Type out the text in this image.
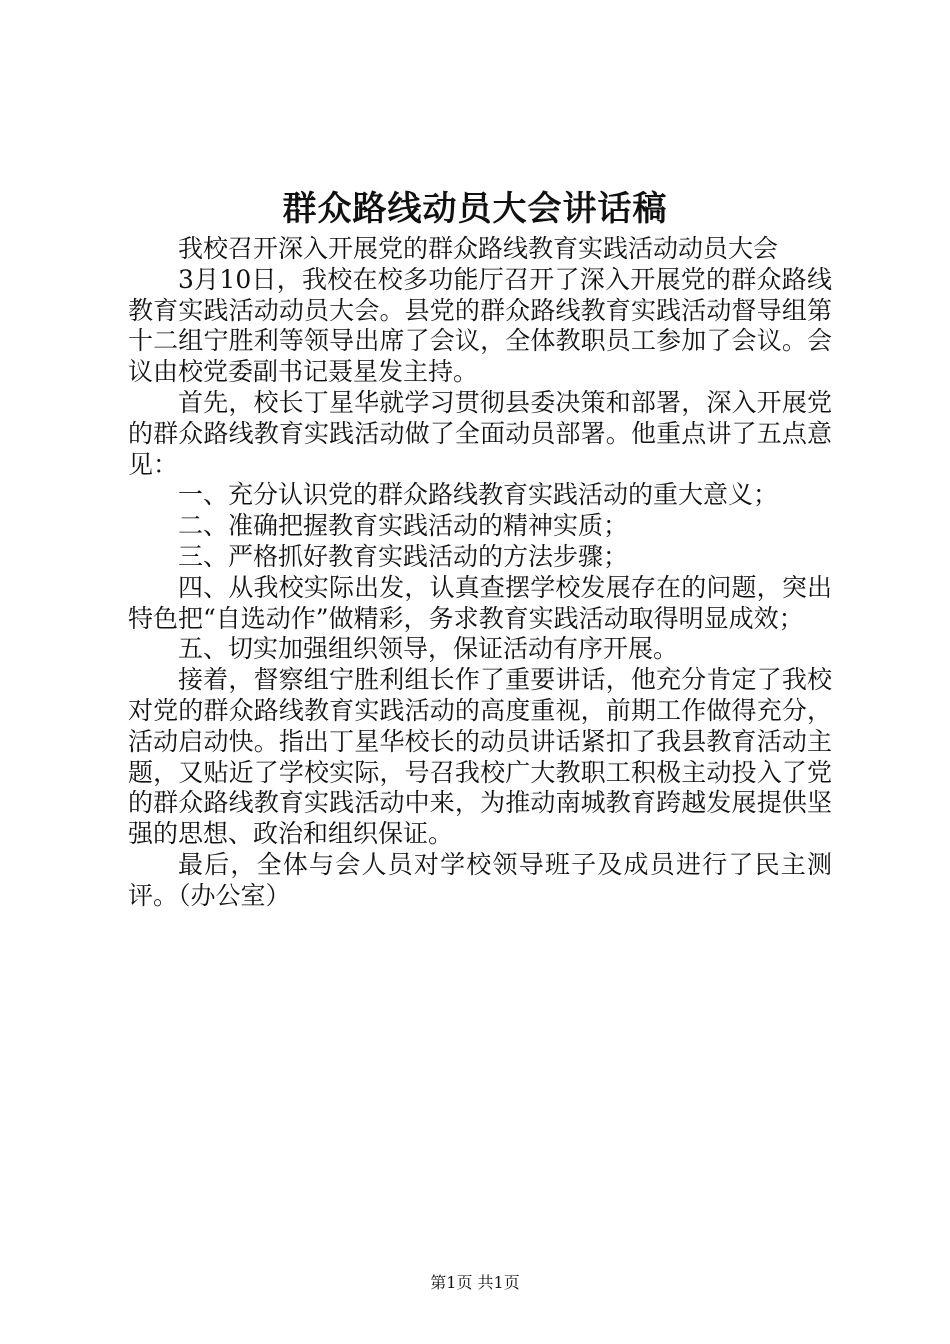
群众路线动员大会讲话稿

我校召开深入开展党的群众路线教育实践活动动员大会

3月10日，我校在校多功能厅召开了深入开展党的群众路线教育实践活动动员大会。县党的群众路线教育实践活动督导组第十二组宁胜利等领导出席了会议，全体教职员工参加了会议。会议由校党委副书记聂星发主持。

首先，校长丁星华就学习贯彻县委决策和部署，深入开展党的群众路线教育实践活动做了全面动员部署。他重点讲了五点意见：

一、充分认识党的群众路线教育实践活动的重大意义；

二、准确把握教育实践活动的精神实质；

三、严格抓好教育实践活动的方法步骤；

四、从我校实际出发，认真查摆学校发展存在的问题，突出特色把“自选动作”做精彩，务求教育实践活动取得明显成效；

五、切实加强组织领导，保证活动有序开展。

接着，督察组宁胜利组长作了重要讲话，他充分肯定了我校对党的群众路线教育实践活动的高度重视，前期工作做得充分，活动启动快。指出丁星华校长的动员讲话紧扣了我县教育活动主题，又贴近了学校实际，号召我校广大教职工积极主动投入了党的群众路线教育实践活动中来，为推动南城教育跨越发展提供坚强的思想、政治和组织保证。

最后，全体与会人员对学校领导班子及成员进行了民主测评。（办公室）

第1页 共1页
